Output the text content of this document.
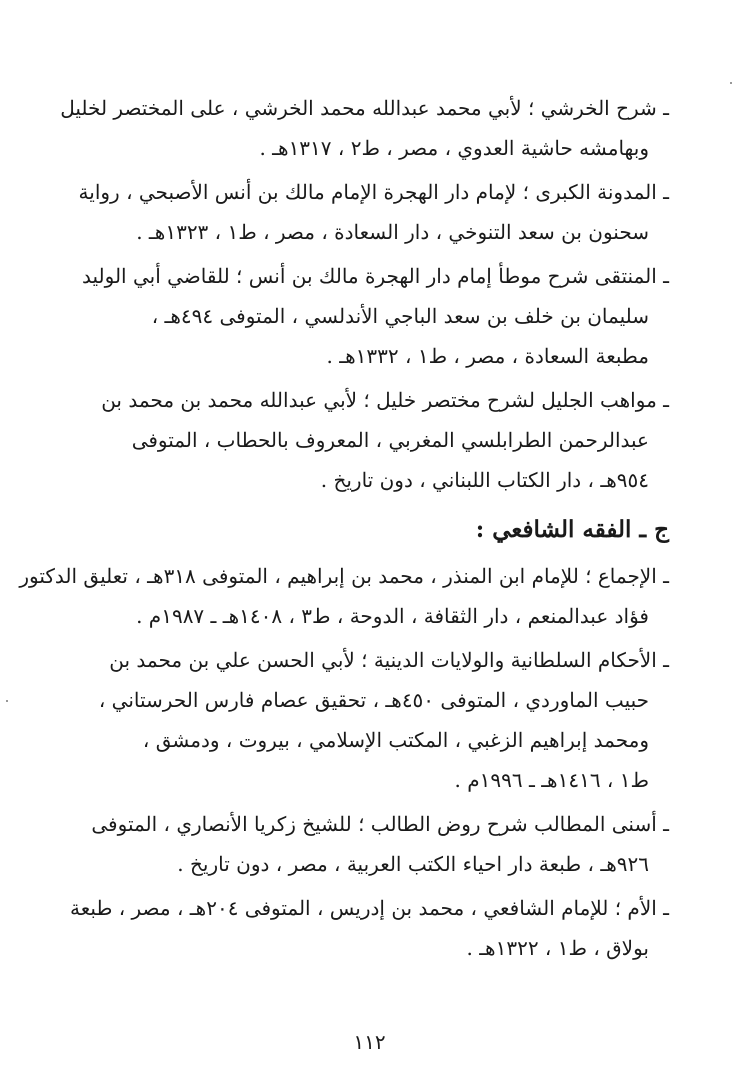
ـ شرح الخرشي ؛ لأبي محمد عبدالله محمد الخرشي ، على المختصر لخليل
وبهامشه حاشية العدوي ، مصر ، ط٢ ، ١٣١٧هـ .
ـ المدونة الكبرى ؛ لإمام دار الهجرة الإمام مالك بن أنس الأصبحي ، رواية
سحنون بن سعد التنوخي ، دار السعادة ، مصر ، ط١ ، ١٣٢٣هـ .
ـ المنتقى شرح موطأ إمام دار الهجرة مالك بن أنس ؛ للقاضي أبي الوليد
سليمان بن خلف بن سعد الباجي الأندلسي ، المتوفى ٤٩٤هـ ،
مطبعة السعادة ، مصر ، ط١ ، ١٣٣٢هـ .
ـ مواهب الجليل لشرح مختصر خليل ؛ لأبي عبدالله محمد بن محمد بن
عبدالرحمن الطرابلسي المغربي ، المعروف بالحطاب ، المتوفى
٩٥٤هـ ، دار الكتاب اللبناني ، دون تاريخ .
ج ـ الفقه الشافعي :
ـ الإجماع ؛ للإمام ابن المنذر ، محمد بن إبراهيم ، المتوفى ٣١٨هـ ، تعليق الدكتور
فؤاد عبدالمنعم ، دار الثقافة ، الدوحة ، ط٣ ، ١٤٠٨هـ ـ ١٩٨٧م .
ـ الأحكام السلطانية والولايات الدينية ؛ لأبي الحسن علي بن محمد بن
حبيب الماوردي ، المتوفى ٤٥٠هـ ، تحقيق عصام فارس الحرستاني ،
ومحمد إبراهيم الزغبي ، المكتب الإسلامي ، بيروت ، ودمشق ،
ط١ ، ١٤١٦هـ ـ ١٩٩٦م .
ـ أسنى المطالب شرح روض الطالب ؛ للشيخ زكريا الأنصاري ، المتوفى
٩٢٦هـ ، طبعة دار احياء الكتب العربية ، مصر ، دون تاريخ .
ـ الأم ؛ للإمام الشافعي ، محمد بن إدريس ، المتوفى ٢٠٤هـ ، مصر ، طبعة
بولاق ، ط١ ، ١٣٢٢هـ .
١١٢
